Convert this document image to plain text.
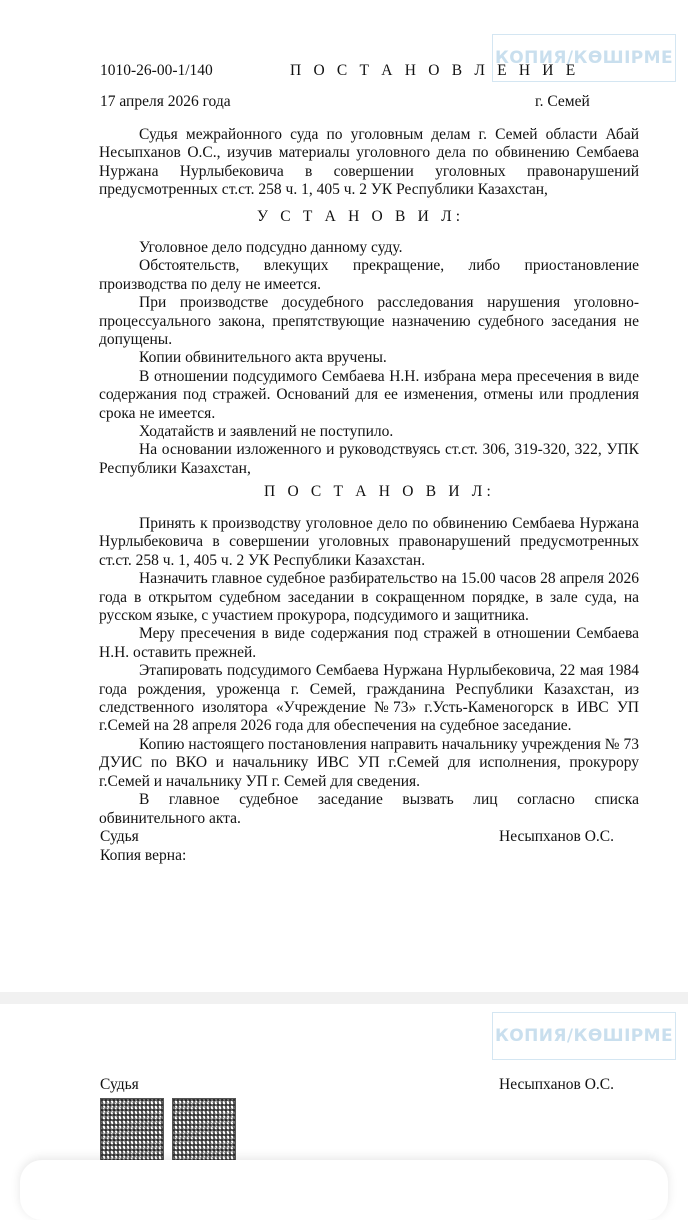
КОПИЯ/КӨШІРМЕ
1010-26-00-1/140	П О С Т А Н О В Л Е Н И Е
17 апреля 2026 года	г. Семей

Судья межрайонного суда по уголовным делам г. Семей области Абай Несыпханов О.С., изучив материалы уголовного дела по обвинению Сембаева Нуржана Нурлыбековича в совершении уголовных правонарушений предусмотренных ст.ст. 258 ч. 1, 405 ч. 2 УК Республики Казахстан,

У С Т А Н О В И Л:

Уголовное дело подсудно данному суду.

Обстоятельств, влекущих прекращение, либо приостановление производства по делу не имеется.

При производстве досудебного расследования нарушения уголовно-процессуального закона, препятствующие назначению судебного заседания не допущены.

Копии обвинительного акта вручены.

В отношении подсудимого Сембаева Н.Н. избрана мера пресечения в виде содержания под стражей. Оснований для ее изменения, отмены или продления срока не имеется.

Ходатайств и заявлений не поступило.

На основании изложенного и руководствуясь ст.ст. 306, 319-320, 322, УПК Республики Казахстан,

П О С Т А Н О В И Л:

Принять к производству уголовное дело по обвинению Сембаева Нуржана Нурлыбековича в совершении уголовных правонарушений предусмотренных ст.ст. 258 ч. 1, 405 ч. 2 УК Республики Казахстан.

Назначить главное судебное разбирательство на 15.00 часов 28 апреля 2026 года в открытом судебном заседании в сокращенном порядке, в зале суда, на русском языке, с участием прокурора, подсудимого и защитника.

Меру пресечения в виде содержания под стражей в отношении Сембаева Н.Н. оставить прежней.

Этапировать подсудимого Сембаева Нуржана Нурлыбековича, 22 мая 1984 года рождения, уроженца г. Семей, гражданина Республики Казахстан, из следственного изолятора «Учреждение №73» г.Усть-Каменогорск в ИВС УП г.Семей на 28 апреля 2026 года для обеспечения на судебное заседание.

Копию настоящего постановления направить начальнику учреждения № 73 ДУИС по ВКО и начальнику ИВС УП г.Семей для исполнения, прокурору г.Семей и начальнику УП г. Семей для сведения.

В главное судебное заседание вызвать лиц согласно списка обвинительного акта.

Судья	Несыпханов О.С.
Копия верна:
КОПИЯ/КӨШІРМЕ
Судья	Несыпханов О.С.
